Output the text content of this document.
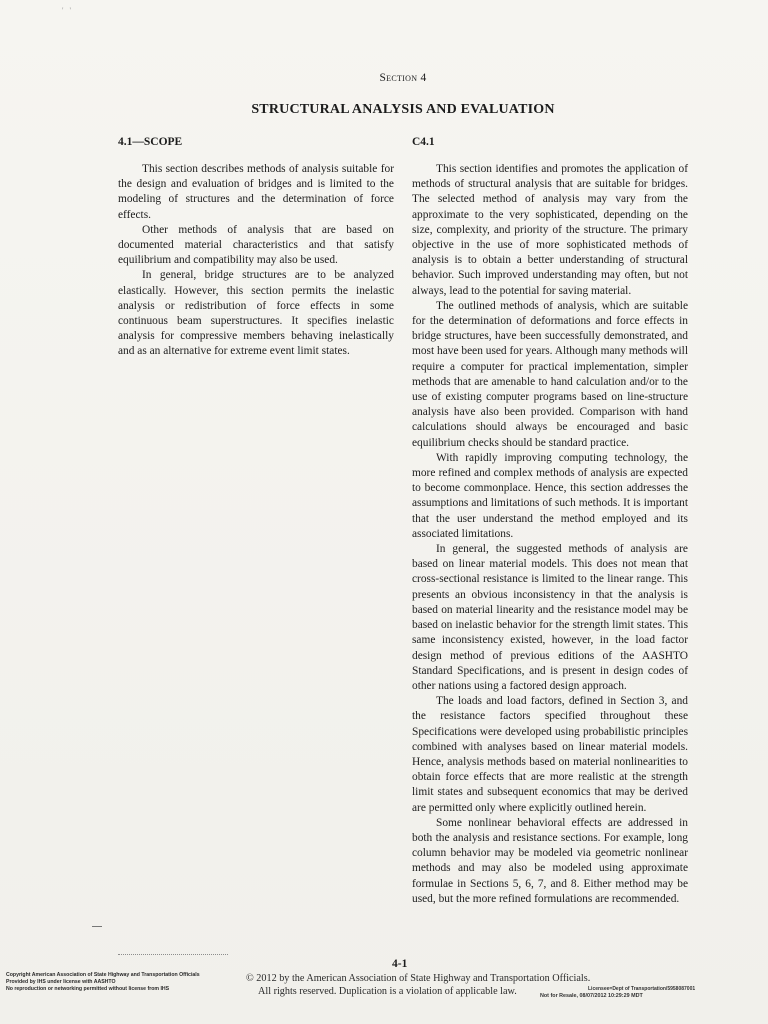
' '
Section 4
STRUCTURAL ANALYSIS AND EVALUATION
4.1—SCOPE	C4.1

This section describes methods of analysis suitable for the design and evaluation of bridges and is limited to the modeling of structures and the determination of force effects.

Other methods of analysis that are based on documented material characteristics and that satisfy equilibrium and compatibility may also be used.

In general, bridge structures are to be analyzed elastically. However, this section permits the inelastic analysis or redistribution of force effects in some continuous beam superstructures. It specifies inelastic analysis for compressive members behaving inelastically and as an alternative for extreme event limit states.

This section identifies and promotes the application of methods of structural analysis that are suitable for bridges. The selected method of analysis may vary from the approximate to the very sophisticated, depending on the size, complexity, and priority of the structure. The primary objective in the use of more sophisticated methods of analysis is to obtain a better understanding of structural behavior. Such improved understanding may often, but not always, lead to the potential for saving material.

The outlined methods of analysis, which are suitable for the determination of deformations and force effects in bridge structures, have been successfully demonstrated, and most have been used for years. Although many methods will require a computer for practical implementation, simpler methods that are amenable to hand calculation and/or to the use of existing computer programs based on line-structure analysis have also been provided. Comparison with hand calculations should always be encouraged and basic equilibrium checks should be standard practice.

With rapidly improving computing technology, the more refined and complex methods of analysis are expected to become commonplace. Hence, this section addresses the assumptions and limitations of such methods. It is important that the user understand the method employed and its associated limitations.

In general, the suggested methods of analysis are based on linear material models. This does not mean that cross-sectional resistance is limited to the linear range. This presents an obvious inconsistency in that the analysis is based on material linearity and the resistance model may be based on inelastic behavior for the strength limit states. This same inconsistency existed, however, in the load factor design method of previous editions of the AASHTO Standard Specifications, and is present in design codes of other nations using a factored design approach.

The loads and load factors, defined in Section 3, and the resistance factors specified throughout these Specifications were developed using probabilistic principles combined with analyses based on linear material models. Hence, analysis methods based on material nonlinearities to obtain force effects that are more realistic at the strength limit states and subsequent economics that may be derived are permitted only where explicitly outlined herein.

Some nonlinear behavioral effects are addressed in both the analysis and resistance sections. For example, long column behavior may be modeled via geometric nonlinear methods and may also be modeled using approximate formulae in Sections 5, 6, 7, and 8. Either method may be used, but the more refined formulations are recommended.

4-1
Copyright American Association of State Highway and Transportation Officials
Provided by IHS under license with AASHTO
No reproduction or networking permitted without license from IHS
© 2012 by the American Association of State Highway and Transportation Officials.
All rights reserved. Duplication is a violation of applicable law.	Licensee=Dept of Transportation/5958087001
Not for Resale, 08/07/2012 10:29:29 MDT
